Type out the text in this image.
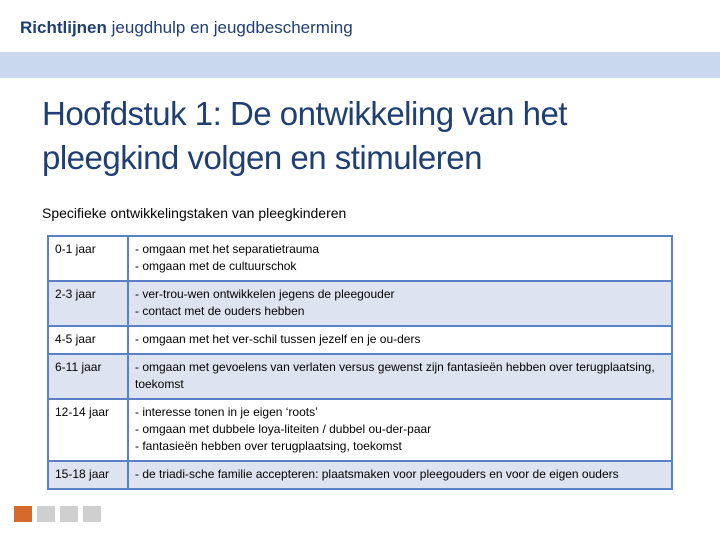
Richtlijnen jeugdhulp en jeugdbescherming
Hoofdstuk 1: De ontwikkeling van het pleegkind volgen en stimuleren
Specifieke ontwikkelingstaken van pleegkinderen
0-1 jaar	- omgaan met het separatietrauma
- omgaan met de cultuurschok

2-3 jaar	- ver-trou-wen ontwikkelen jegens de pleegouder
- contact met de ouders hebben

4-5 jaar	- omgaan met het ver-schil tussen jezelf en je ou-ders

6-11 jaar	- omgaan met gevoelens van verlaten versus gewenst zijn fantasieën hebben over terugplaatsing, toekomst

12-14 jaar	- interesse tonen in je eigen ‘roots’
- omgaan met dubbele loya-liteiten / dubbel ou-der-paar
- fantasieën hebben over terugplaatsing, toekomst

15-18 jaar	- de triadi-sche familie accepteren: plaatsmaken voor pleegouders en voor de eigen ouders
